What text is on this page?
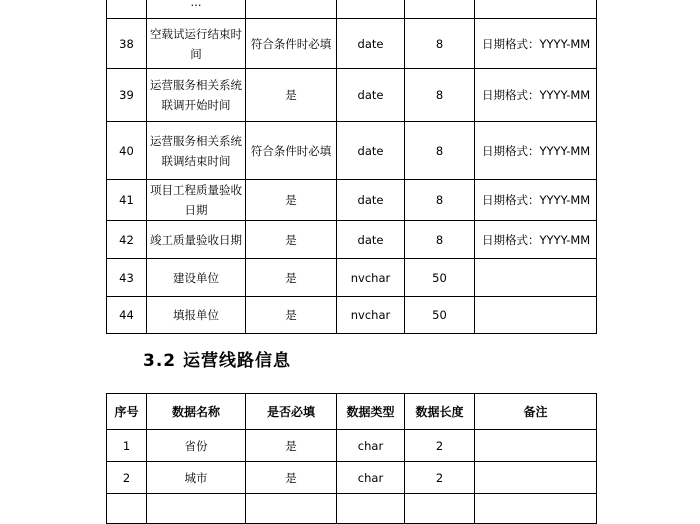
	...				
38	空载试运行结束时间	符合条件时必填	date	8	日期格式：YYYY-MM
39	运营服务相关系统联调开始时间	是	date	8	日期格式：YYYY-MM
40	运营服务相关系统联调结束时间	符合条件时必填	date	8	日期格式：YYYY-MM
41	项目工程质量验收日期	是	date	8	日期格式：YYYY-MM
42	竣工质量验收日期	是	date	8	日期格式：YYYY-MM
43	建设单位	是	nvchar	50	
44	填报单位	是	nvchar	50	
3.2 运营线路信息
序号	数据名称	是否必填	数据类型	数据长度	备注
1	省份	是	char	2	
2	城市	是	char	2	
